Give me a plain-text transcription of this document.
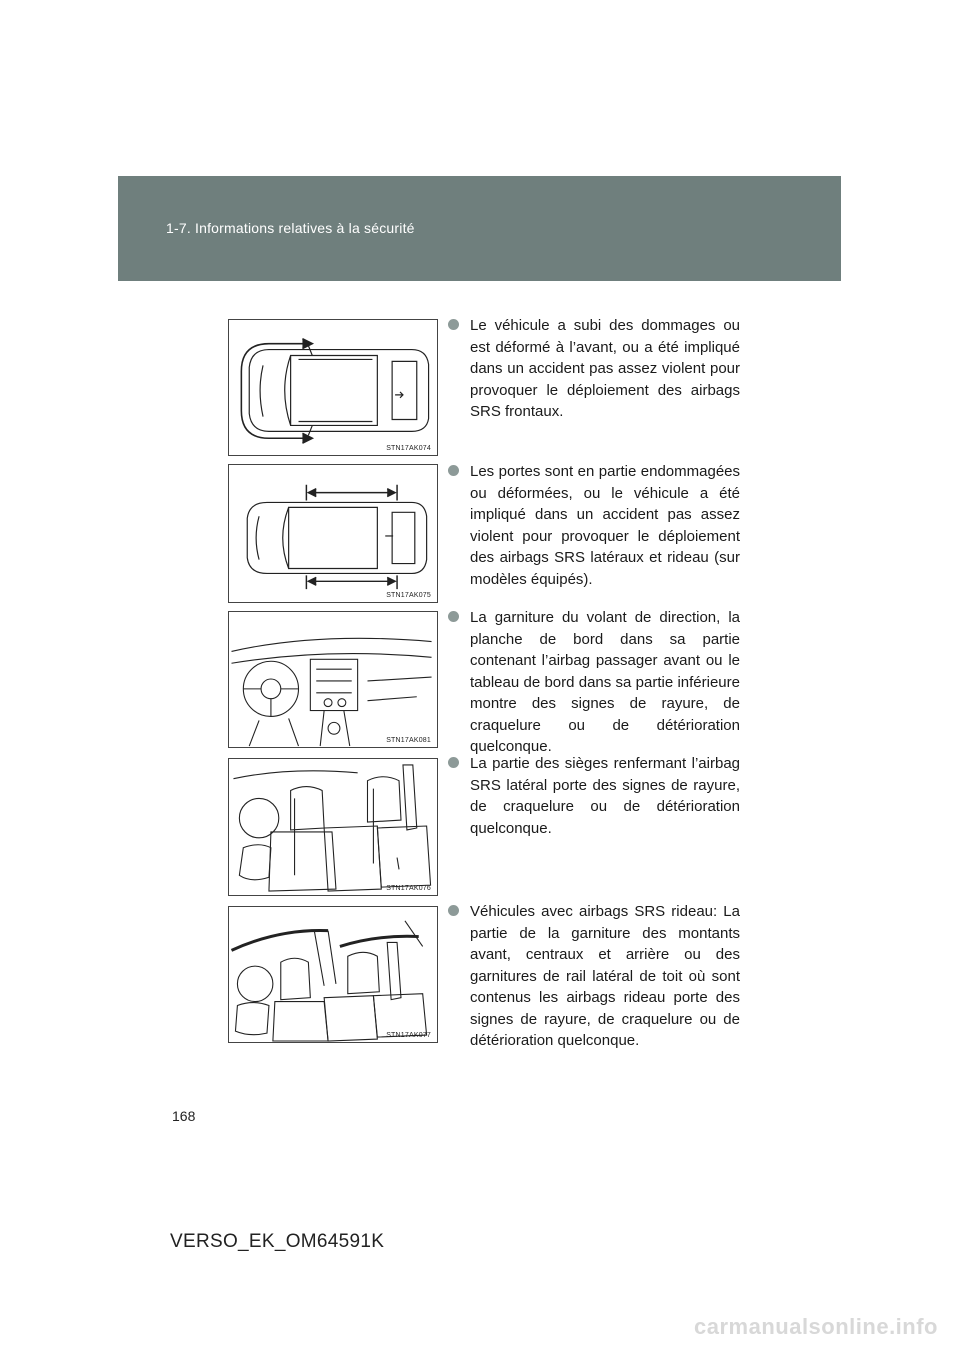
1-7. Informations relatives à la sécurité
STN17AK074
STN17AK075
STN17AK081
STN17AK076
STN17AK077
Le véhicule a subi des dommages ou est déformé à l’avant, ou a été impliqué dans un accident pas assez violent pour provoquer le déploiement des airbags SRS frontaux.
Les portes sont en partie endommagées ou déformées, ou le véhicule a été impliqué dans un accident pas assez violent pour provoquer le déploiement des airbags SRS latéraux et rideau (sur modèles équipés).
La garniture du volant de direction, la planche de bord dans sa partie contenant l’airbag passager avant ou le tableau de bord dans sa partie inférieure montre des signes de rayure, de craquelure ou de détérioration quelconque.
La partie des sièges renfermant l’airbag SRS latéral porte des signes de rayure, de craquelure ou de détérioration quelconque.
Véhicules avec airbags SRS rideau: La partie de la garniture des montants avant, centraux et arrière ou des garnitures de rail latéral de toit où sont contenus les airbags rideau porte des signes de rayure, de craquelure ou de détérioration quelconque.
168
VERSO_EK_OM64591K
carmanualsonline.info
